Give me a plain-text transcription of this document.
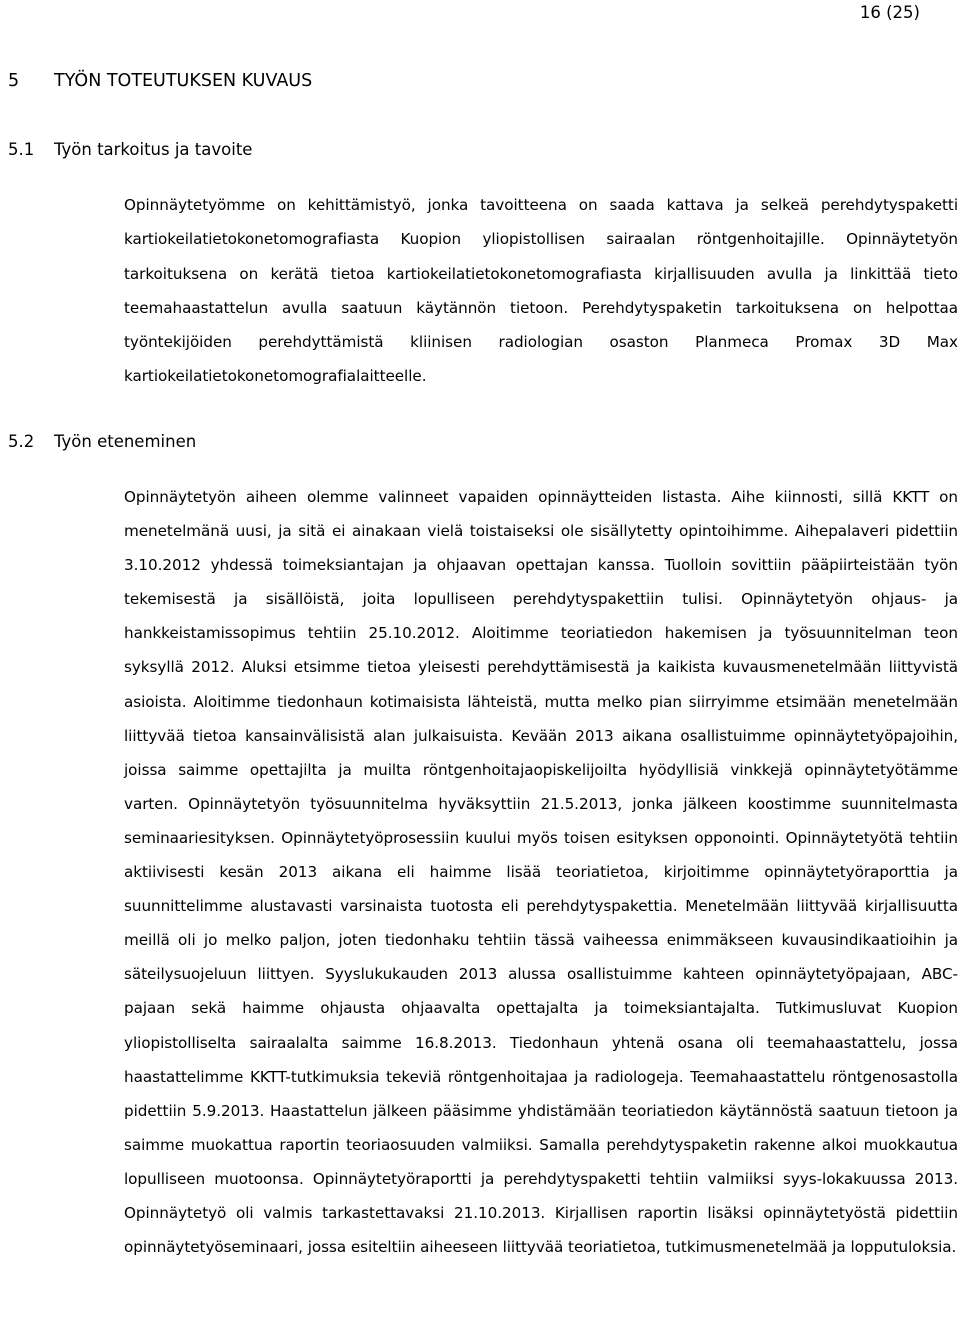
16 (25)
5 TYÖN TOTEUTUKSEN KUVAUS
5.1 Työn tarkoitus ja tavoite

Opinnäytetyömme on kehittämistyö, jonka tavoitteena on saada kattava ja selkeä perehdytyspaketti kartiokeilatietokonetomografiasta Kuopion yliopistollisen sairaalan röntgenhoitajille. Opinnäytetyön tarkoituksena on kerätä tietoa kartiokeilatietokonetomografiasta kirjallisuuden avulla ja linkittää tieto teemahaastattelun avulla saatuun käytännön tietoon. Perehdytyspaketin tarkoituksena on helpottaa työntekijöiden perehdyttämistä kliinisen radiologian osaston Planmeca Promax 3D Max kartiokeilatietokonetomografialaitteelle.

5.2 Työn eteneminen

Opinnäytetyön aiheen olemme valinneet vapaiden opinnäytteiden listasta. Aihe kiinnosti, sillä KKTT on menetelmänä uusi, ja sitä ei ainakaan vielä toistaiseksi ole sisällytetty opintoihimme. Aihepalaveri pidettiin 3.10.2012 yhdessä toimeksiantajan ja ohjaavan opettajan kanssa. Tuolloin sovittiin pääpiirteistään työn tekemisestä ja sisällöistä, joita lopulliseen perehdytyspakettiin tulisi. Opinnäytetyön ohjaus- ja hankkeistamissopimus tehtiin 25.10.2012. Aloitimme teoriatiedon hakemisen ja työsuunnitelman teon syksyllä 2012. Aluksi etsimme tietoa yleisesti perehdyttämisestä ja kaikista kuvausmenetelmään liittyvistä asioista. Aloitimme tiedonhaun kotimaisista lähteistä, mutta melko pian siirryimme etsimään menetelmään liittyvää tietoa kansainvälisistä alan julkaisuista. Kevään 2013 aikana osallistuimme opinnäytetyöpajoihin, joissa saimme opettajilta ja muilta röntgenhoitajaopiskelijoilta hyödyllisiä vinkkejä opinnäytetyötämme varten. Opinnäytetyön työsuunnitelma hyväksyttiin 21.5.2013, jonka jälkeen koostimme suunnitelmasta seminaariesityksen. Opinnäytetyöprosessiin kuului myös toisen esityksen opponointi. Opinnäytetyötä tehtiin aktiivisesti kesän 2013 aikana eli haimme lisää teoriatietoa, kirjoitimme opinnäytetyöraporttia ja suunnittelimme alustavasti varsinaista tuotosta eli perehdytyspakettia. Menetelmään liittyvää kirjallisuutta meillä oli jo melko paljon, joten tiedonhaku tehtiin tässä vaiheessa enimmäkseen kuvausindikaatioihin ja säteilysuojeluun liittyen. Syyslukukauden 2013 alussa osallistuimme kahteen opinnäytetyöpajaan, ABC-pajaan sekä haimme ohjausta ohjaavalta opettajalta ja toimeksiantajalta. Tutkimusluvat Kuopion yliopistolliselta sairaalalta saimme 16.8.2013. Tiedonhaun yhtenä osana oli teemahaastattelu, jossa haastattelimme KKTT-tutkimuksia tekeviä röntgenhoitajaa ja radiologeja. Teemahaastattelu röntgenosastolla pidettiin 5.9.2013. Haastattelun jälkeen pääsimme yhdistämään teoriatiedon käytännöstä saatuun tietoon ja saimme muokattua raportin teoriaosuuden valmiiksi. Samalla perehdytyspaketin rakenne alkoi muokkautua lopulliseen muotoonsa. Opinnäytetyöraportti ja perehdytyspaketti tehtiin valmiiksi syys-lokakuussa 2013. Opinnäytetyö oli valmis tarkastettavaksi 21.10.2013. Kirjallisen raportin lisäksi opinnäytetyöstä pidettiin opinnäytetyöseminaari, jossa esiteltiin aiheeseen liittyvää teoriatietoa, tutkimusmenetelmää ja lopputuloksia.
